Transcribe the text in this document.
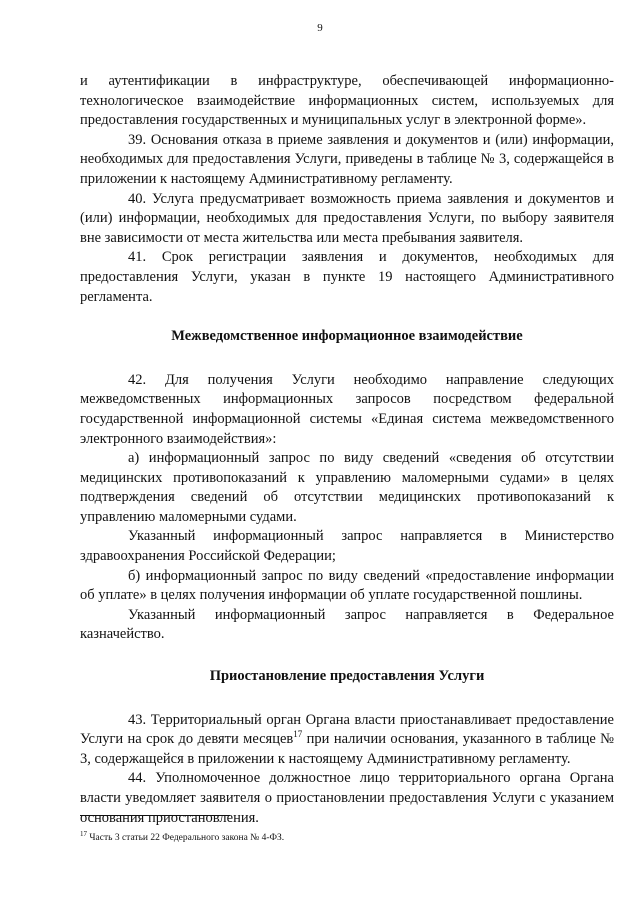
9

и аутентификации в инфраструктуре, обеспечивающей информационно-технологическое взаимодействие информационных систем, используемых для предоставления государственных и муниципальных услуг в электронной форме».

39. Основания отказа в приеме заявления и документов и (или) информации, необходимых для предоставления Услуги, приведены в таблице № 3, содержащейся в приложении к настоящему Административному регламенту.

40. Услуга предусматривает возможность приема заявления и документов и (или) информации, необходимых для предоставления Услуги, по выбору заявителя вне зависимости от места жительства или места пребывания заявителя.

41. Срок регистрации заявления и документов, необходимых для предоставления Услуги, указан в пункте 19 настоящего Административного регламента.

Межведомственное информационное взаимодействие

42. Для получения Услуги необходимо направление следующих межведомственных информационных запросов посредством федеральной государственной информационной системы «Единая система межведомственного электронного взаимодействия»:

а) информационный запрос по виду сведений «сведения об отсутствии медицинских противопоказаний к управлению маломерными судами» в целях подтверждения сведений об отсутствии медицинских противопоказаний к управлению маломерными судами.

Указанный информационный запрос направляется в Министерство здравоохранения Российской Федерации;

б) информационный запрос по виду сведений «предоставление информации об уплате» в целях получения информации об уплате государственной пошлины.

Указанный информационный запрос направляется в Федеральное казначейство.

Приостановление предоставления Услуги

43. Территориальный орган Органа власти приостанавливает предоставление Услуги на срок до девяти месяцев$^{17}$ при наличии основания, указанного в таблице № 3, содержащейся в приложении к настоящему Административному регламенту.

44. Уполномоченное должностное лицо территориального органа Органа власти уведомляет заявителя о приостановлении предоставления Услуги с указанием основания приостановления.

$^{17}$ Часть 3 статьи 22 Федерального закона № 4-ФЗ.
